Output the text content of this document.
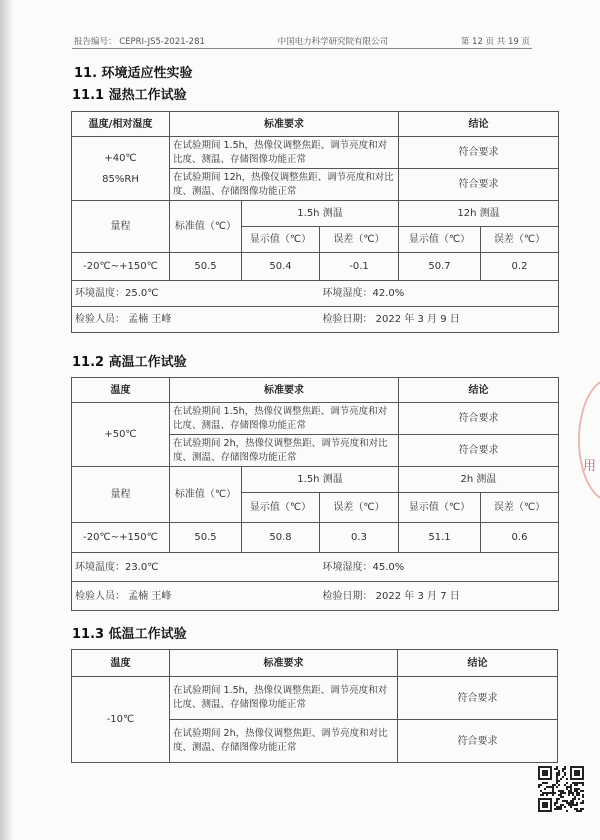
报告编号： CEPRI-JS5-2021-281	中国电力科学研究院有限公司	第 12 页 共 19 页
11. 环境适应性实验
11.1 湿热工作试验
温度/相对湿度	标准要求			结论	

+40℃
85%RH	在试验期间 1.5h，热像仪调整焦距、调节亮度和对比度、测温、存储图像功能正常			符合要求	
	在试验期间 12h，热像仪调整焦距、调节亮度和对比度、测温、存储图像功能正常			符合要求	
量程	标准值（℃）	1.5h 测温		12h 测温	
		显示值（℃）	误差（℃）	显示值（℃）	误差（℃）
-20℃~+150℃	50.5	50.4	-0.1	50.7	0.2
环境温度：25.0℃			环境湿度：42.0%		
检验人员： 孟楠 王峰			检验日期： 2022 年 3 月 9 日		
11.2 高温工作试验
温度	标准要求			结论	
+50℃	在试验期间 1.5h，热像仪调整焦距、调节亮度和对比度、测温、存储图像功能正常			符合要求	
	在试验期间 2h，热像仪调整焦距、调节亮度和对比度、测温、存储图像功能正常			符合要求	
量程	标准值（℃）	1.5h 测温		2h 测温	
		显示值（℃）	误差（℃）	显示值（℃）	误差（℃）
-20℃~+150℃	50.5	50.8	0.3	51.1	0.6
环境温度：23.0℃			环境湿度：45.0%		
检验人员： 孟楠 王峰			检验日期： 2022 年 3 月 7 日		
11.3 低温工作试验
温度	标准要求	结论
-10℃	在试验期间 1.5h，热像仪调整焦距、调节亮度和对比度、测温、存储图像功能正常	符合要求
	在试验期间 2h，热像仪调整焦距、调节亮度和对比度、测温、存储图像功能正常	符合要求
用
